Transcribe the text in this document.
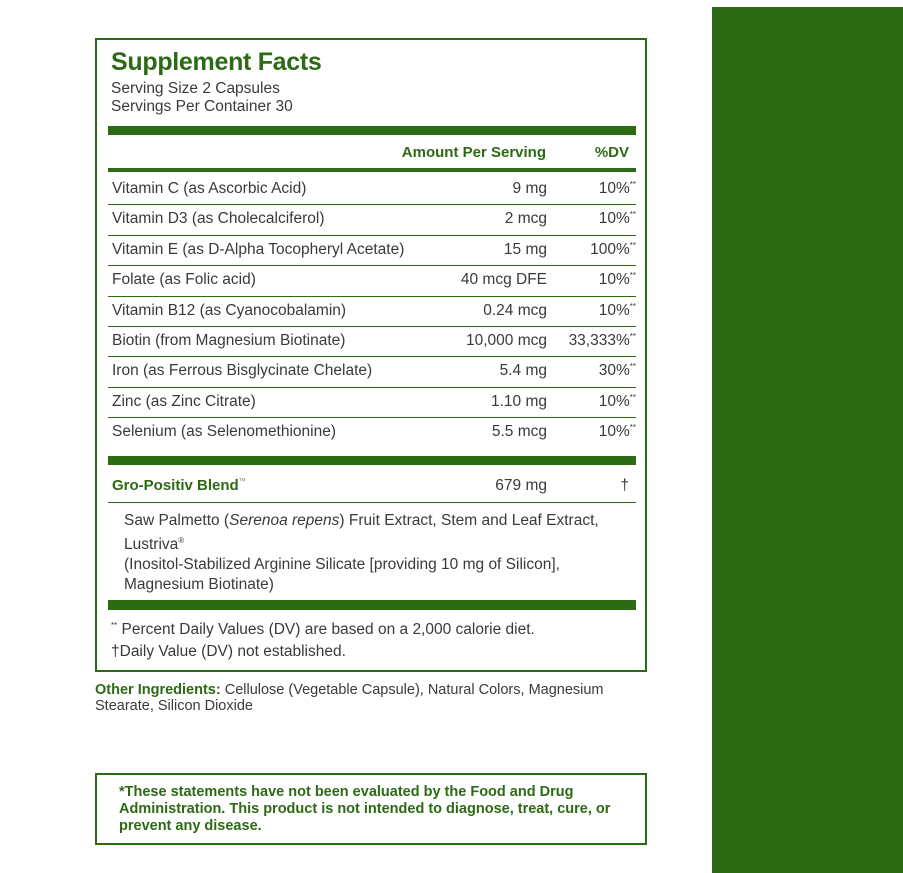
Supplement Facts
Serving Size 2 Capsules
Servings Per Container 30
Amount Per Serving	%DV
Vitamin C (as Ascorbic Acid)	9 mg	10%**
Vitamin D3 (as Cholecalciferol)	2 mcg	10%**
Vitamin E (as D-Alpha Tocopheryl Acetate)	15 mg	100%**
Folate (as Folic acid)	40 mcg DFE	10%**
Vitamin B12 (as Cyanocobalamin)	0.24 mcg	10%**
Biotin (from Magnesium Biotinate)	10,000 mcg 33,333%**
Iron (as Ferrous Bisglycinate Chelate)	5.4 mg	30%**
Zinc (as Zinc Citrate)	1.10 mg	10%**
Selenium (as Selenomethionine)	5.5 mcg	10%**
Gro-Positiv Blend™	679 mg	†
Saw Palmetto (Serenoa repens) Fruit Extract, Stem and Leaf Extract, Lustriva®
(Inositol-Stabilized Arginine Silicate [providing 10 mg of Silicon], Magnesium Biotinate)
** Percent Daily Values (DV) are based on a 2,000 calorie diet.
†Daily Value (DV) not established.
Other Ingredients: Cellulose (Vegetable Capsule), Natural Colors, Magnesium Stearate, Silicon Dioxide
*These statements have not been evaluated by the Food and Drug Administration. This product is not intended to diagnose, treat, cure, or prevent any disease.
